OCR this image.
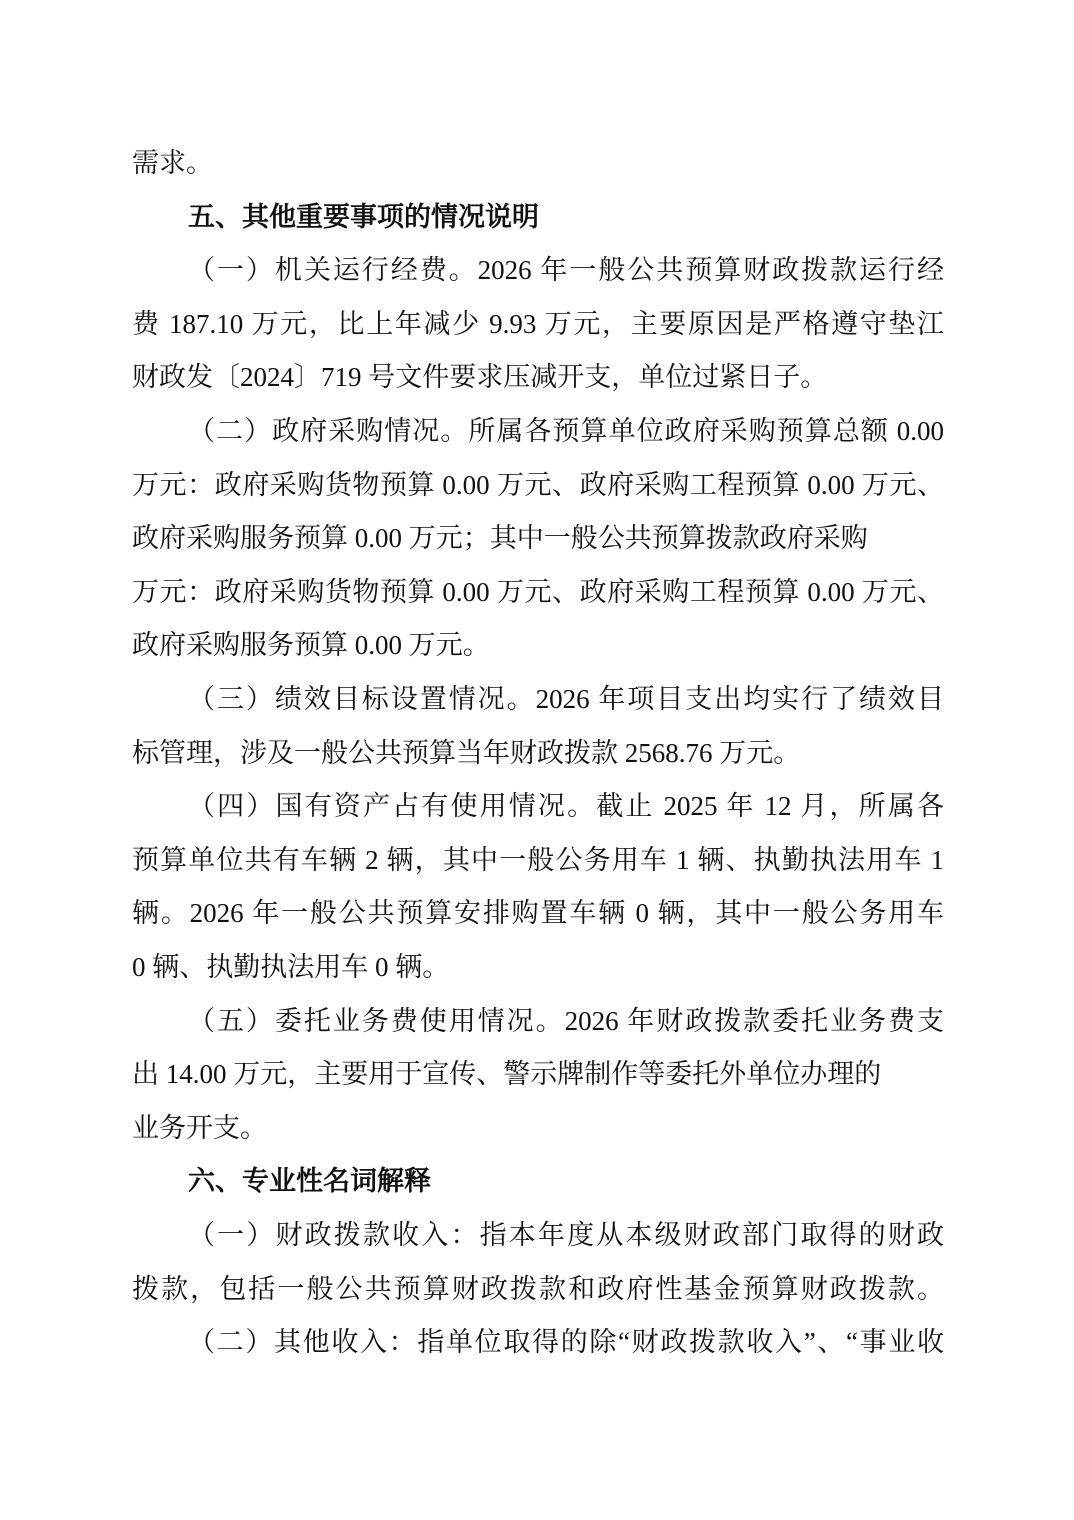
需求。
五、其他重要事项的情况说明
（一）机关运行经费。2026 年一般公共预算财政拨款运行经
费 187.10 万元，比上年减少 9.93 万元，主要原因是严格遵守垫江
财政发〔2024〕719 号文件要求压减开支，单位过紧日子。
（二）政府采购情况。所属各预算单位政府采购预算总额 0.00
万元：政府采购货物预算 0.00 万元、政府采购工程预算 0.00 万元、
政府采购服务预算 0.00 万元；其中一般公共预算拨款政府采购
万元：政府采购货物预算 0.00 万元、政府采购工程预算 0.00 万元、
政府采购服务预算 0.00 万元。
（三）绩效目标设置情况。2026 年项目支出均实行了绩效目
标管理，涉及一般公共预算当年财政拨款 2568.76 万元。
（四）国有资产占有使用情况。截止 2025 年 12 月，所属各
预算单位共有车辆 2 辆，其中一般公务用车 1 辆、执勤执法用车 1
辆。2026 年一般公共预算安排购置车辆 0 辆，其中一般公务用车
0 辆、执勤执法用车 0 辆。
（五）委托业务费使用情况。2026 年财政拨款委托业务费支
出 14.00 万元，主要用于宣传、警示牌制作等委托外单位办理的
业务开支。
六、专业性名词解释
（一）财政拨款收入：指本年度从本级财政部门取得的财政
拨款，包括一般公共预算财政拨款和政府性基金预算财政拨款。
（二）其他收入：指单位取得的除“财政拨款收入”、“事业收
